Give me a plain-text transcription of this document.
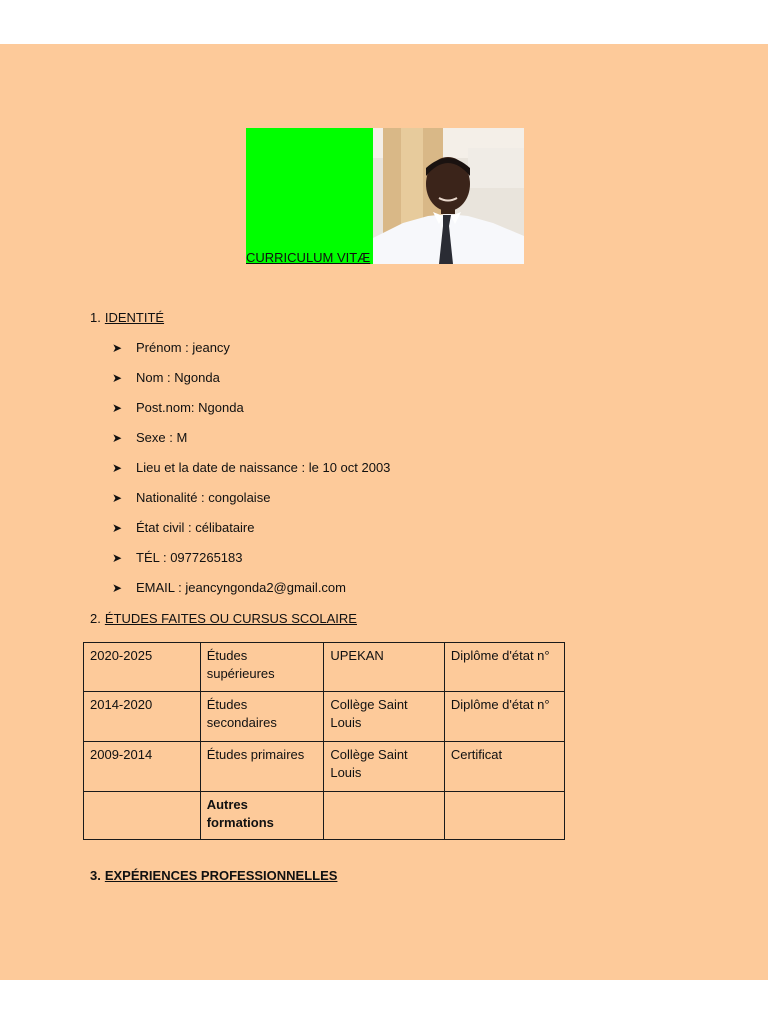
CURRICULUM VITÆ
1. IDENTITÉ
➤	Prénom : jeancy
➤	Nom : Ngonda
➤	Post.nom: Ngonda
➤	Sexe : M
➤	Lieu et la date de naissance : le 10 oct 2003
➤	Nationalité : congolaise
➤	État civil : célibataire
➤	TÉL : 0977265183
➤	EMAIL : jeancyngonda2@gmail.com
2. ÉTUDES FAITES OU CURSUS SCOLAIRE
2020-2025	Études supérieures	UPEKAN	Diplôme d'état n°
2014-2020	Études secondaires	Collège Saint Louis	Diplôme d'état n°
2009-2014	Études primaires	Collège Saint Louis	Certificat
	Autres formations		
3. EXPÉRIENCES PROFESSIONNELLES
